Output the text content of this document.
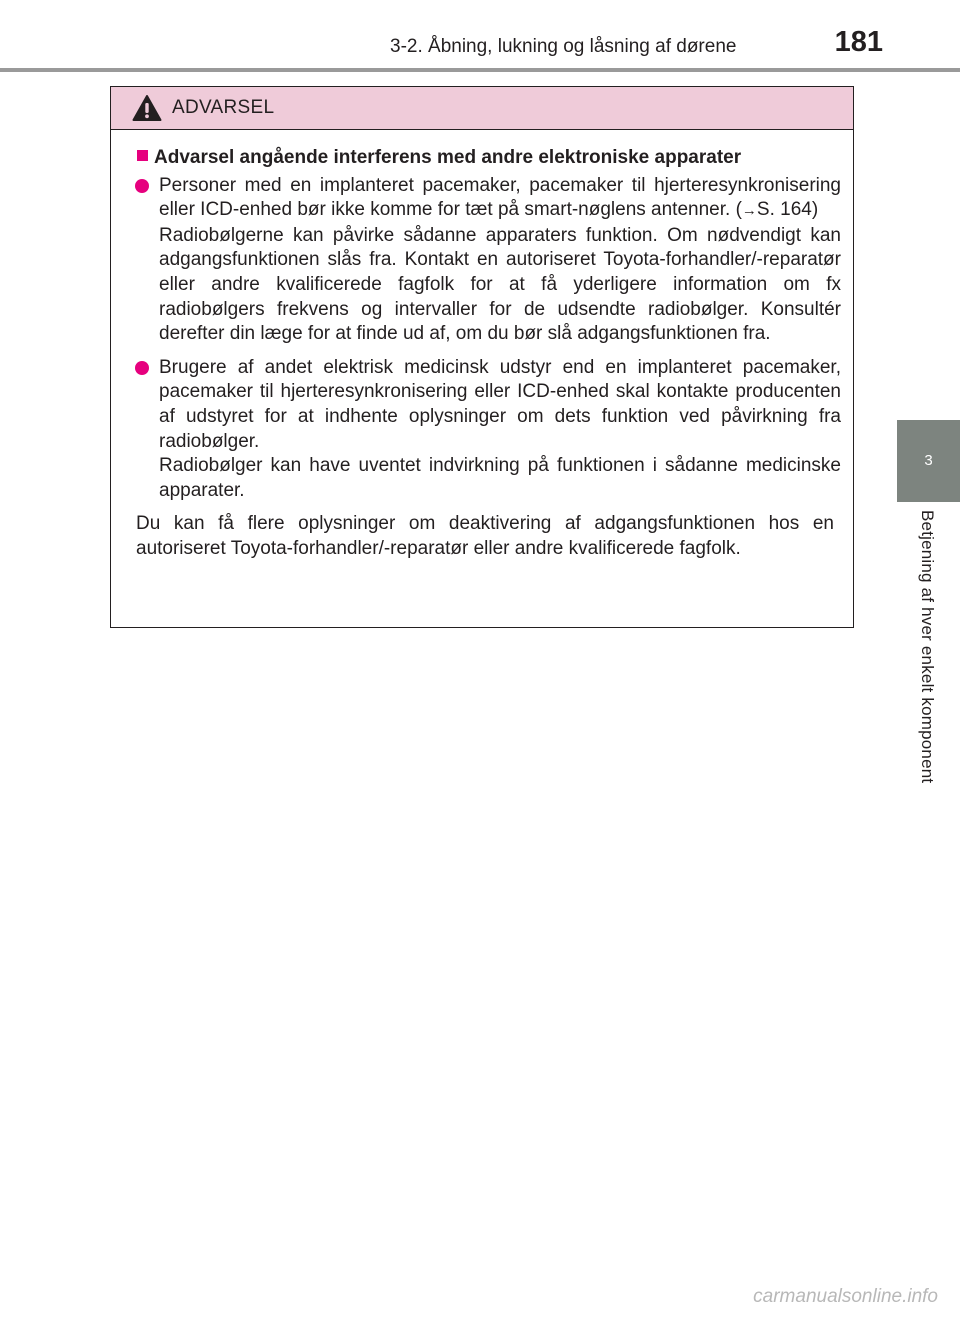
3-2. Åbning, lukning og låsning af dørene	181
3
Betjening af hver enkelt komponent
ADVARSEL
Advarsel angående interferens med andre elektroniske apparater

Personer med en implanteret pacemaker, pacemaker til hjerteresynkronisering eller ICD-enhed bør ikke komme for tæt på smart-nøglens antenner. (→S. 164)

Radiobølgerne kan påvirke sådanne apparaters funktion. Om nødvendigt kan adgangsfunktionen slås fra. Kontakt en autoriseret Toyota-forhandler/-reparatør eller andre kvalificerede fagfolk for at få yderligere information om fx radiobølgers frekvens og intervaller for de udsendte radiobølger. Konsultér derefter din læge for at finde ud af, om du bør slå adgangsfunktionen fra.

Brugere af andet elektrisk medicinsk udstyr end en implanteret pacemaker, pacemaker til hjerteresynkronisering eller ICD-enhed skal kontakte producenten af udstyret for at indhente oplysninger om dets funktion ved påvirkning fra radiobølger.

Radiobølger kan have uventet indvirkning på funktionen i sådanne medicinske apparater.

Du kan få flere oplysninger om deaktivering af adgangsfunktionen hos en autoriseret Toyota-forhandler/-reparatør eller andre kvalificerede fagfolk.

carmanualsonline.info
